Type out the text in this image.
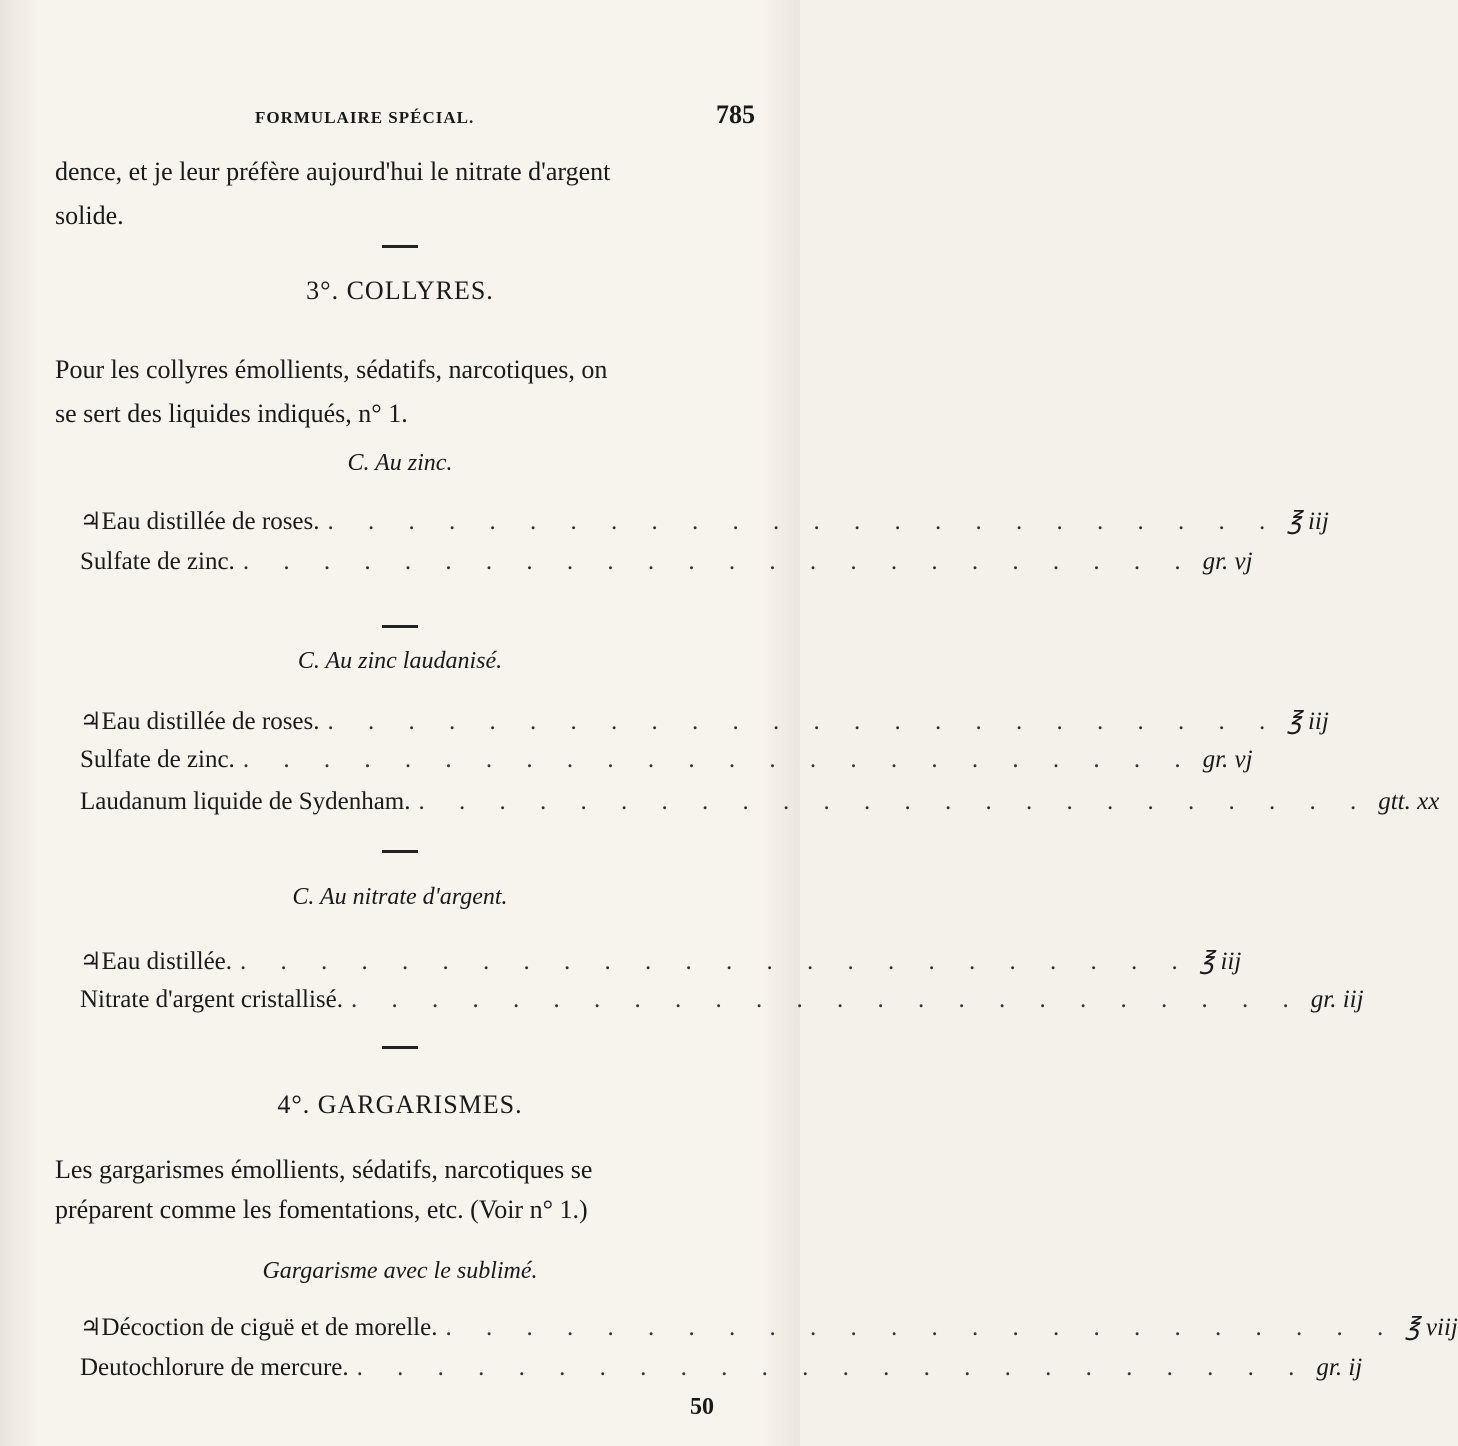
FORMULAIRE SPÉCIAL.	785
dence, et je leur préfère aujourd'hui le nitrate d'argent
solide.
3°. COLLYRES.
Pour les collyres émollients, sédatifs, narcotiques, on
se sert des liquides indiqués, n° 1.
C. Au zinc.
♃ Eau distillée de roses. . . . . . . . . . . . . . . . . . . . . . . . . ℥ iij
Sulfate de zinc. . . . . . . . . . . . . . . . . . . . . . . . . gr. vj
C. Au zinc laudanisé.
♃ Eau distillée de roses. . . . . . . . . . . . . . . . . . . . . . . . . ℥ iij
Sulfate de zinc. . . . . . . . . . . . . . . . . . . . . . . . . gr. vj
Laudanum liquide de Sydenham. . . . . . . . . . . . . . . . . . . . . . . . . gtt. xx
C. Au nitrate d'argent.
♃ Eau distillée. . . . . . . . . . . . . . . . . . . . . . . . . ℥ iij
Nitrate d'argent cristallisé. . . . . . . . . . . . . . . . . . . . . . . . . gr. iij
4°. GARGARISMES.
Les gargarismes émollients, sédatifs, narcotiques se
préparent comme les fomentations, etc. (Voir n° 1.)
Gargarisme avec le sublimé.
♃ Décoction de ciguë et de morelle. . . . . . . . . . . . . . . . . . . . . . . . . ℥ viij
Deutochlorure de mercure. . . . . . . . . . . . . . . . . . . . . . . . . gr. ij
50
